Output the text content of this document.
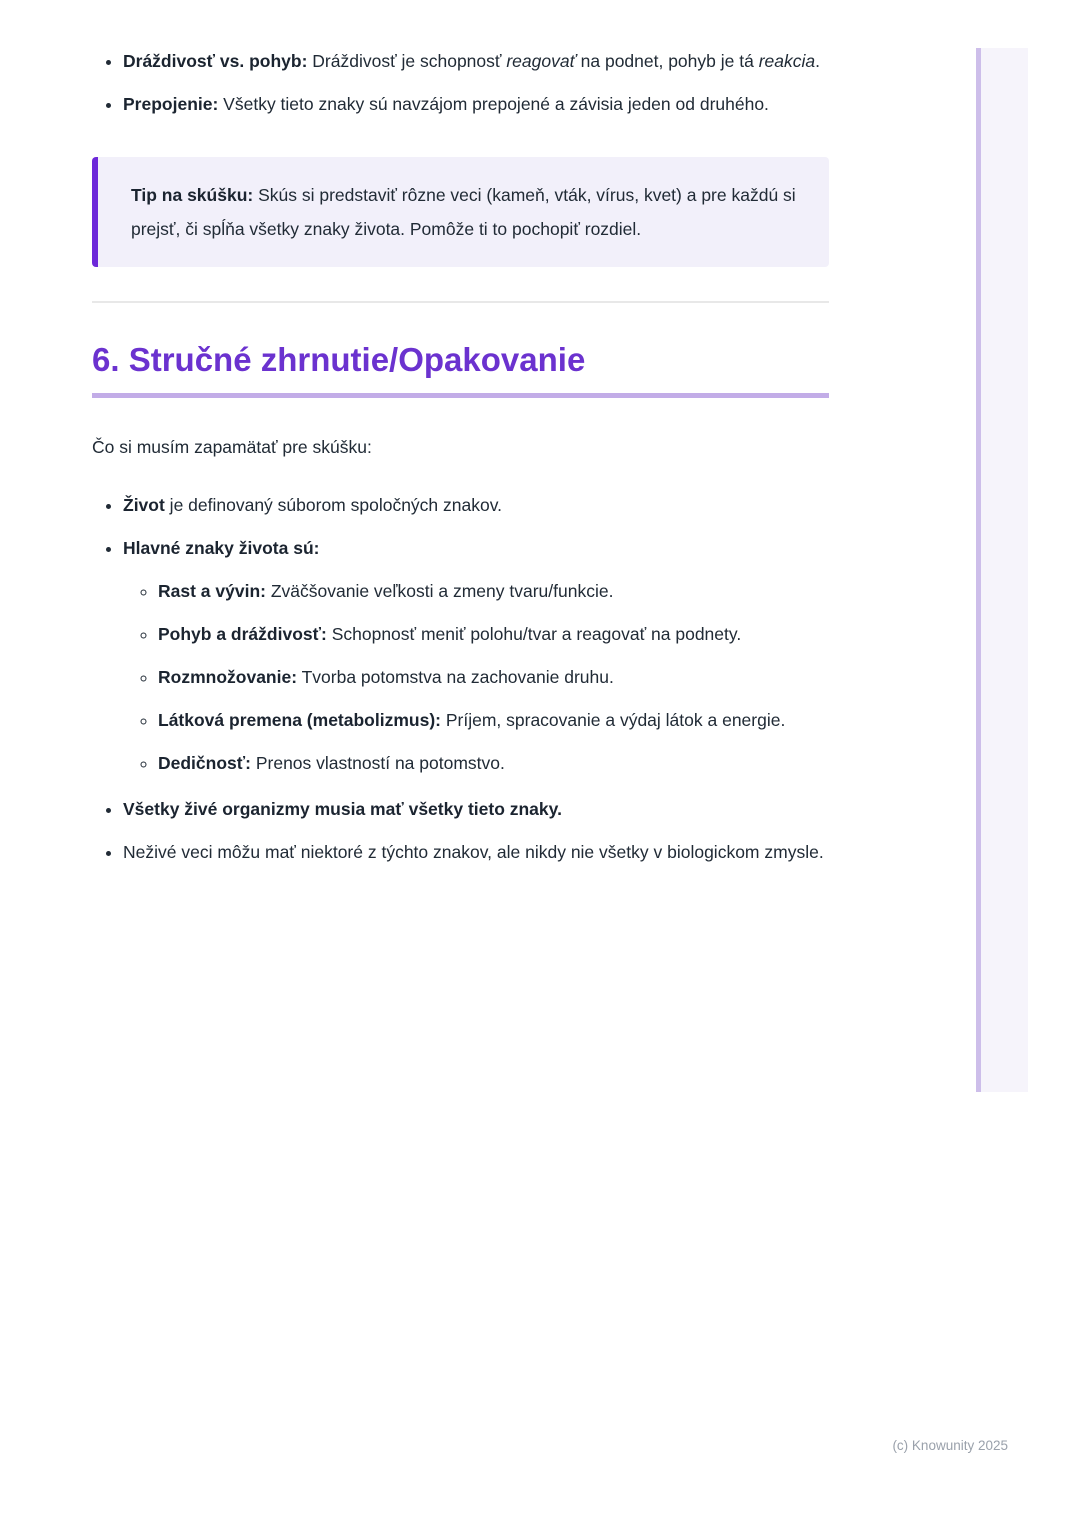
• Dráždivosť vs. pohyb: Dráždivosť je schopnosť reagovať na podnet, pohyb je tá reakcia.
• Prepojenie: Všetky tieto znaky sú navzájom prepojené a závisia jeden od druhého.
Tip na skúšku: Skús si predstaviť rôzne veci (kameň, vták, vírus, kvet) a pre každú si prejsť, či spĺňa všetky znaky života. Pomôže ti to pochopiť rozdiel.
6. Stručné zhrnutie/Opakovanie

Čo si musím zapamätať pre skúšku:

• Život je definovaný súborom spoločných znakov.
• Hlavné znaky života sú:
◦ Rast a vývin: Zväčšovanie veľkosti a zmeny tvaru/funkcie.
◦ Pohyb a dráždivosť: Schopnosť meniť polohu/tvar a reagovať na podnety.
◦ Rozmnožovanie: Tvorba potomstva na zachovanie druhu.
◦ Látková premena (metabolizmus): Príjem, spracovanie a výdaj látok a energie.
◦ Dedičnosť: Prenos vlastností na potomstvo.
• Všetky živé organizmy musia mať všetky tieto znaky.
• Neživé veci môžu mať niektoré z týchto znakov, ale nikdy nie všetky v biologickom zmysle.
(c) Knowunity 2025
